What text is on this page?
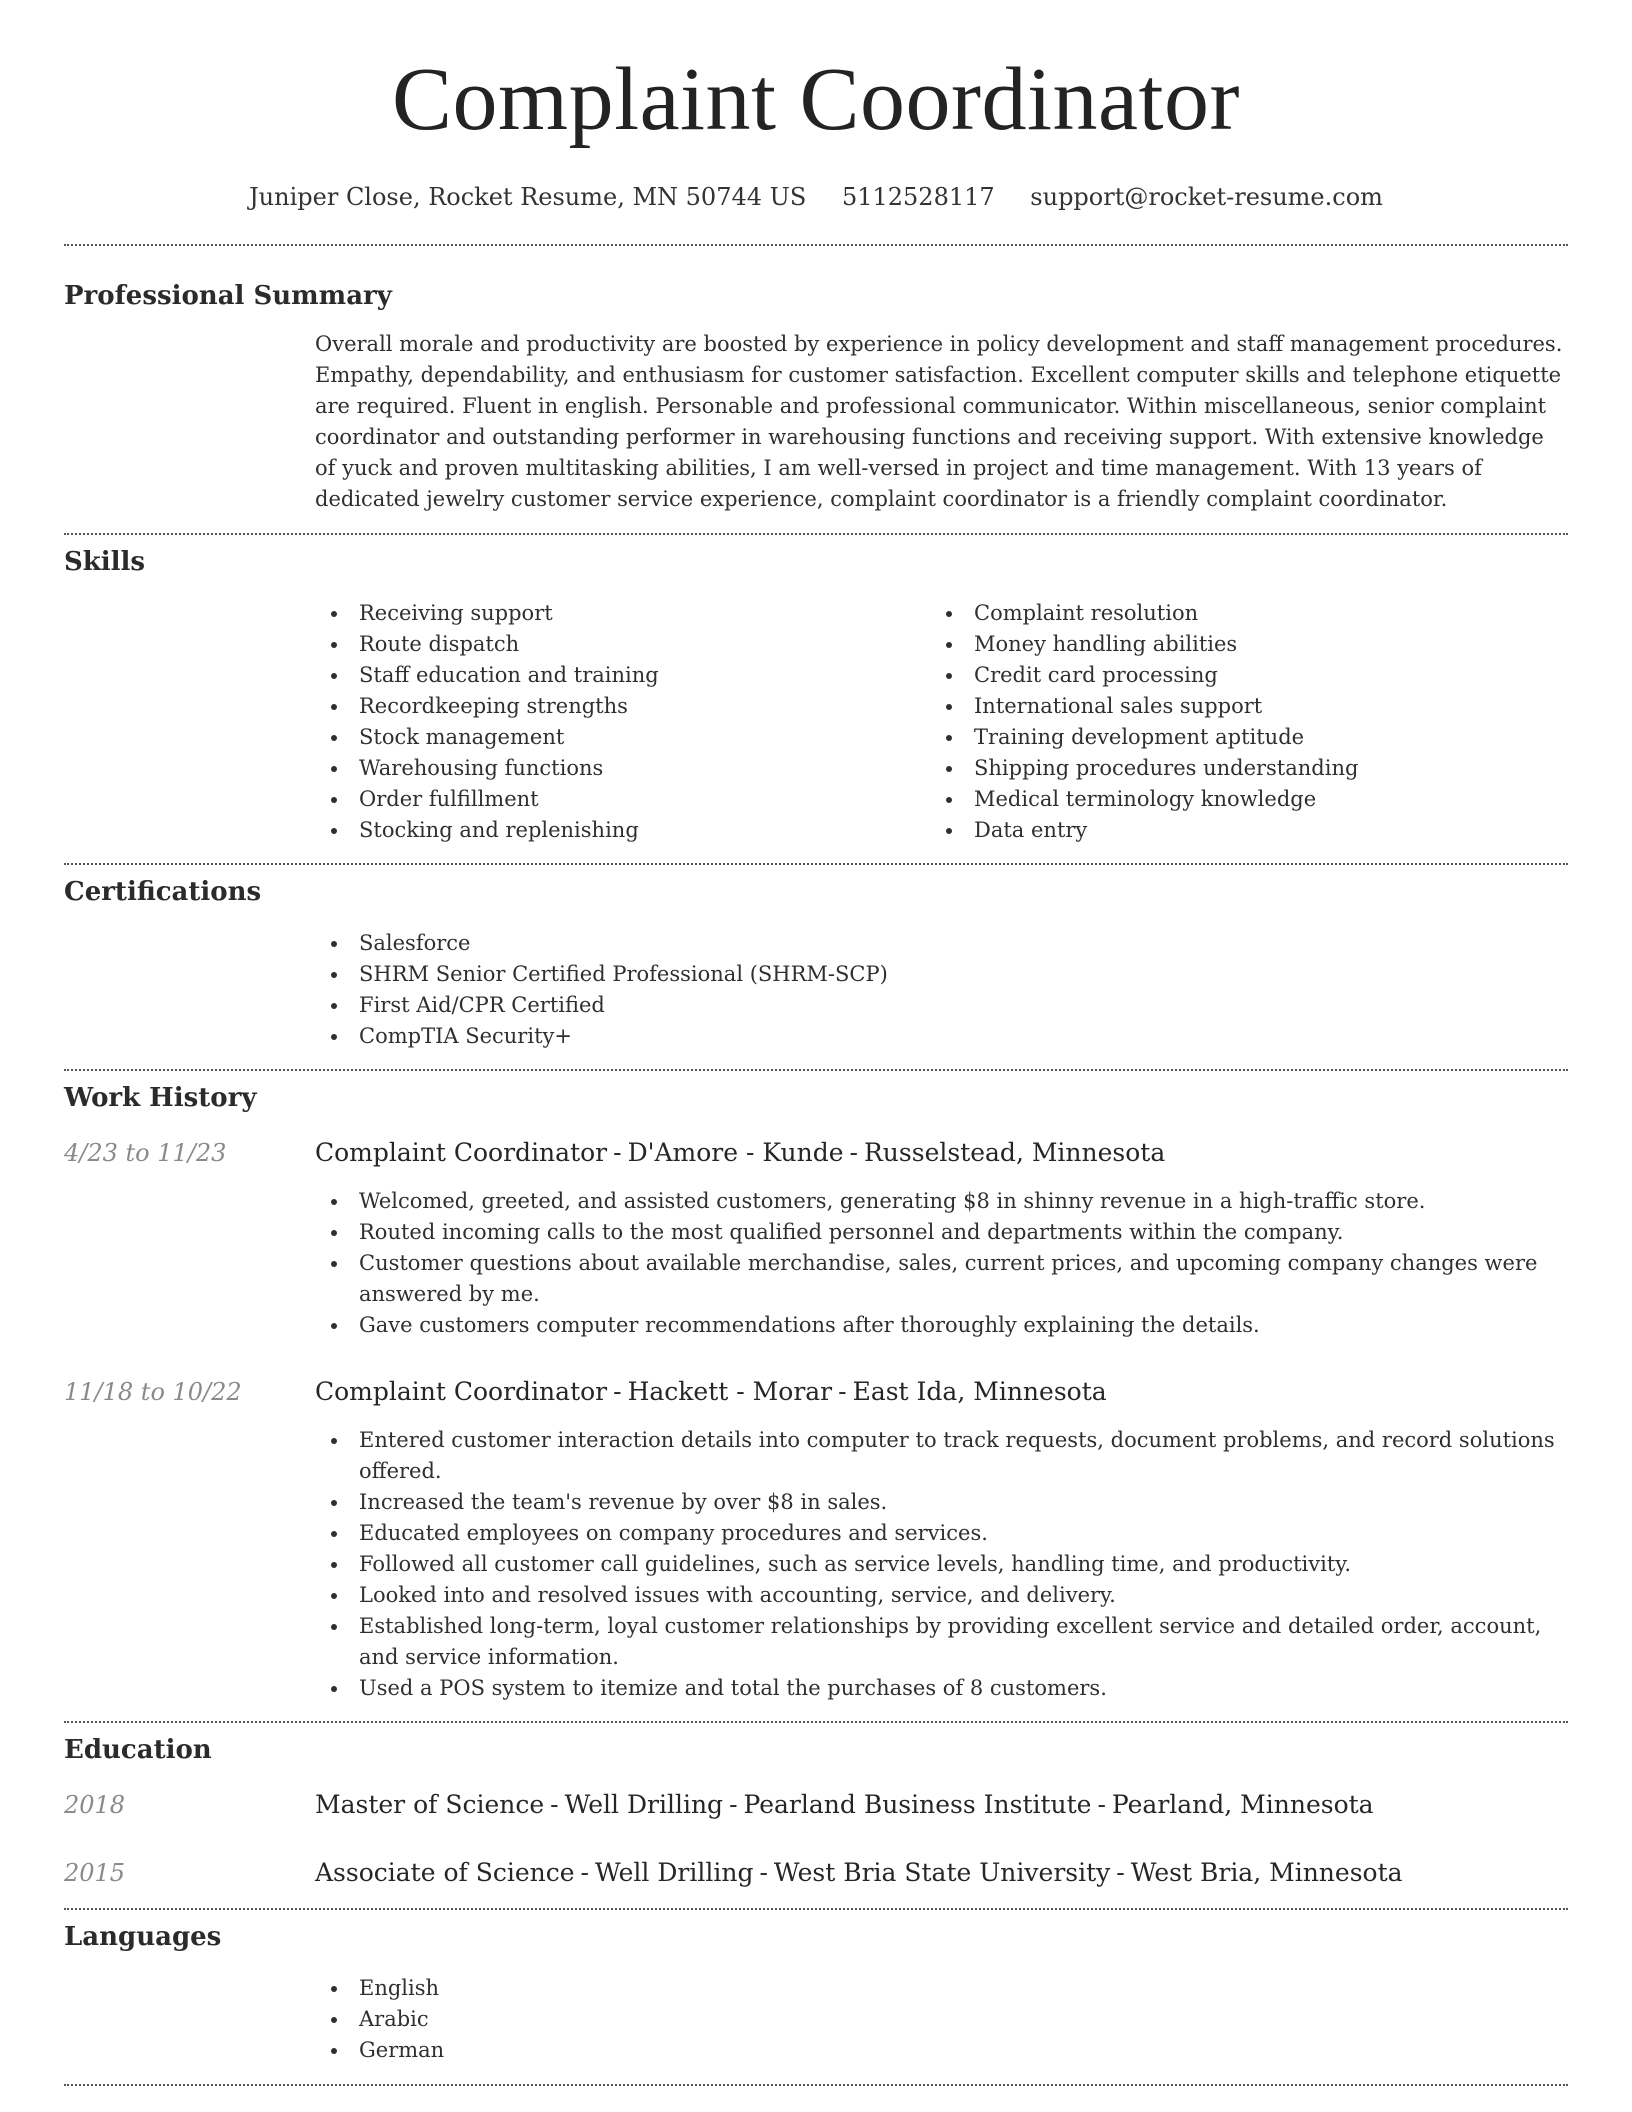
Complaint Coordinator
Juniper Close, Rocket Resume, MN 50744 US 5112528117 support@rocket-resume.com
Professional Summary

Overall morale and productivity are boosted by experience in policy development and staff management procedures. Empathy, dependability, and enthusiasm for customer satisfaction. Excellent computer skills and telephone etiquette are required. Fluent in english. Personable and professional communicator. Within miscellaneous, senior complaint coordinator and outstanding performer in warehousing functions and receiving support. With extensive knowledge of yuck and proven multitasking abilities, I am well-versed in project and time management. With 13 years of dedicated jewelry customer service experience, complaint coordinator is a friendly complaint coordinator.

Skills
Receiving support
Route dispatch
Staff education and training
Recordkeeping strengths
Stock management
Warehousing functions
Order fulfillment
Stocking and replenishing
Complaint resolution
Money handling abilities
Credit card processing
International sales support
Training development aptitude
Shipping procedures understanding
Medical terminology knowledge
Data entry
Certifications
Salesforce
SHRM Senior Certified Professional (SHRM-SCP)
First Aid/CPR Certified
CompTIA Security+
Work History
4/23 to 11/23	Complaint Coordinator - D'Amore - Kunde - Russelstead, Minnesota
Welcomed, greeted, and assisted customers, generating $8 in shinny revenue in a high-traffic store.
Routed incoming calls to the most qualified personnel and departments within the company.
Customer questions about available merchandise, sales, current prices, and upcoming company changes were answered by me.
Gave customers computer recommendations after thoroughly explaining the details.
11/18 to 10/22	Complaint Coordinator - Hackett - Morar - East Ida, Minnesota
Entered customer interaction details into computer to track requests, document problems, and record solutions offered.
Increased the team's revenue by over $8 in sales.
Educated employees on company procedures and services.
Followed all customer call guidelines, such as service levels, handling time, and productivity.
Looked into and resolved issues with accounting, service, and delivery.
Established long-term, loyal customer relationships by providing excellent service and detailed order, account, and service information.
Used a POS system to itemize and total the purchases of 8 customers.
Education
2018	Master of Science - Well Drilling - Pearland Business Institute - Pearland, Minnesota
2015	Associate of Science - Well Drilling - West Bria State University - West Bria, Minnesota
Languages
English
Arabic
German
